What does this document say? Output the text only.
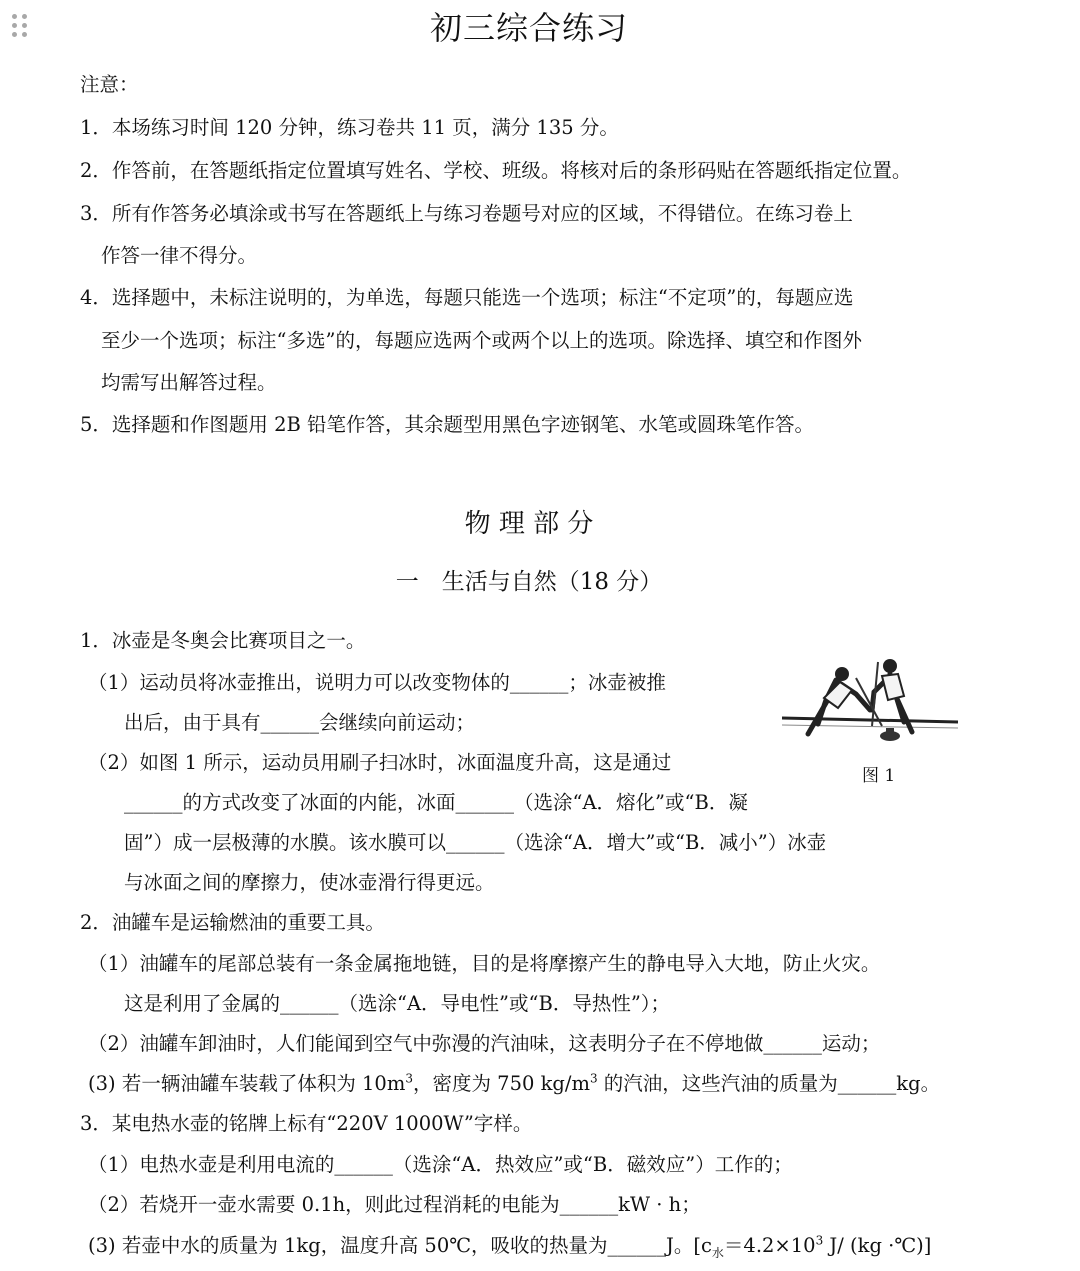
初三综合练习
注意：
1．本场练习时间 120 分钟，练习卷共 11 页，满分 135 分。
2．作答前，在答题纸指定位置填写姓名、学校、班级。将核对后的条形码贴在答题纸指定位置。
3．所有作答务必填涂或书写在答题纸上与练习卷题号对应的区域，不得错位。在练习卷上
作答一律不得分。
4．选择题中，未标注说明的，为单选，每题只能选一个选项；标注“不定项”的，每题应选
至少一个选项；标注“多选”的，每题应选两个或两个以上的选项。除选择、填空和作图外
均需写出解答过程。
5．选择题和作图题用 2B 铅笔作答，其余题型用黑色字迹钢笔、水笔或圆珠笔作答。
物 理 部 分
一　生活与自然（18 分）
1．冰壶是冬奥会比赛项目之一。
（1）运动员将冰壶推出，说明力可以改变物体的______；冰壶被推
出后，由于具有______会继续向前运动；
（2）如图 1 所示，运动员用刷子扫冰时，冰面温度升高，这是通过
______的方式改变了冰面的内能，冰面______（选涂“A．熔化”或“B．凝
固”）成一层极薄的水膜。该水膜可以______（选涂“A．增大”或“B．减小”）冰壶
与冰面之间的摩擦力，使冰壶滑行得更远。
图 1
2．油罐车是运输燃油的重要工具。
（1）油罐车的尾部总装有一条金属拖地链，目的是将摩擦产生的静电导入大地，防止火灾。
这是利用了金属的______（选涂“A．导电性”或“B．导热性”）；
（2）油罐车卸油时，人们能闻到空气中弥漫的汽油味，这表明分子在不停地做______运动；
(3) 若一辆油罐车装载了体积为 $10m^3$，密度为 750 $kg/m^3$ 的汽油，这些汽油的质量为______kg。
3．某电热水壶的铭牌上标有“220V 1000W”字样。
（1）电热水壶是利用电流的______（选涂“A．热效应”或“B．磁效应”）工作的；
（2）若烧开一壶水需要 0.1h，则此过程消耗的电能为______kW · h；
(3) 若壶中水的质量为 1kg，温度升高 50℃，吸收的热量为______J。[$c_水=4.2\times 10^3$ J/ (kg ·℃)]
